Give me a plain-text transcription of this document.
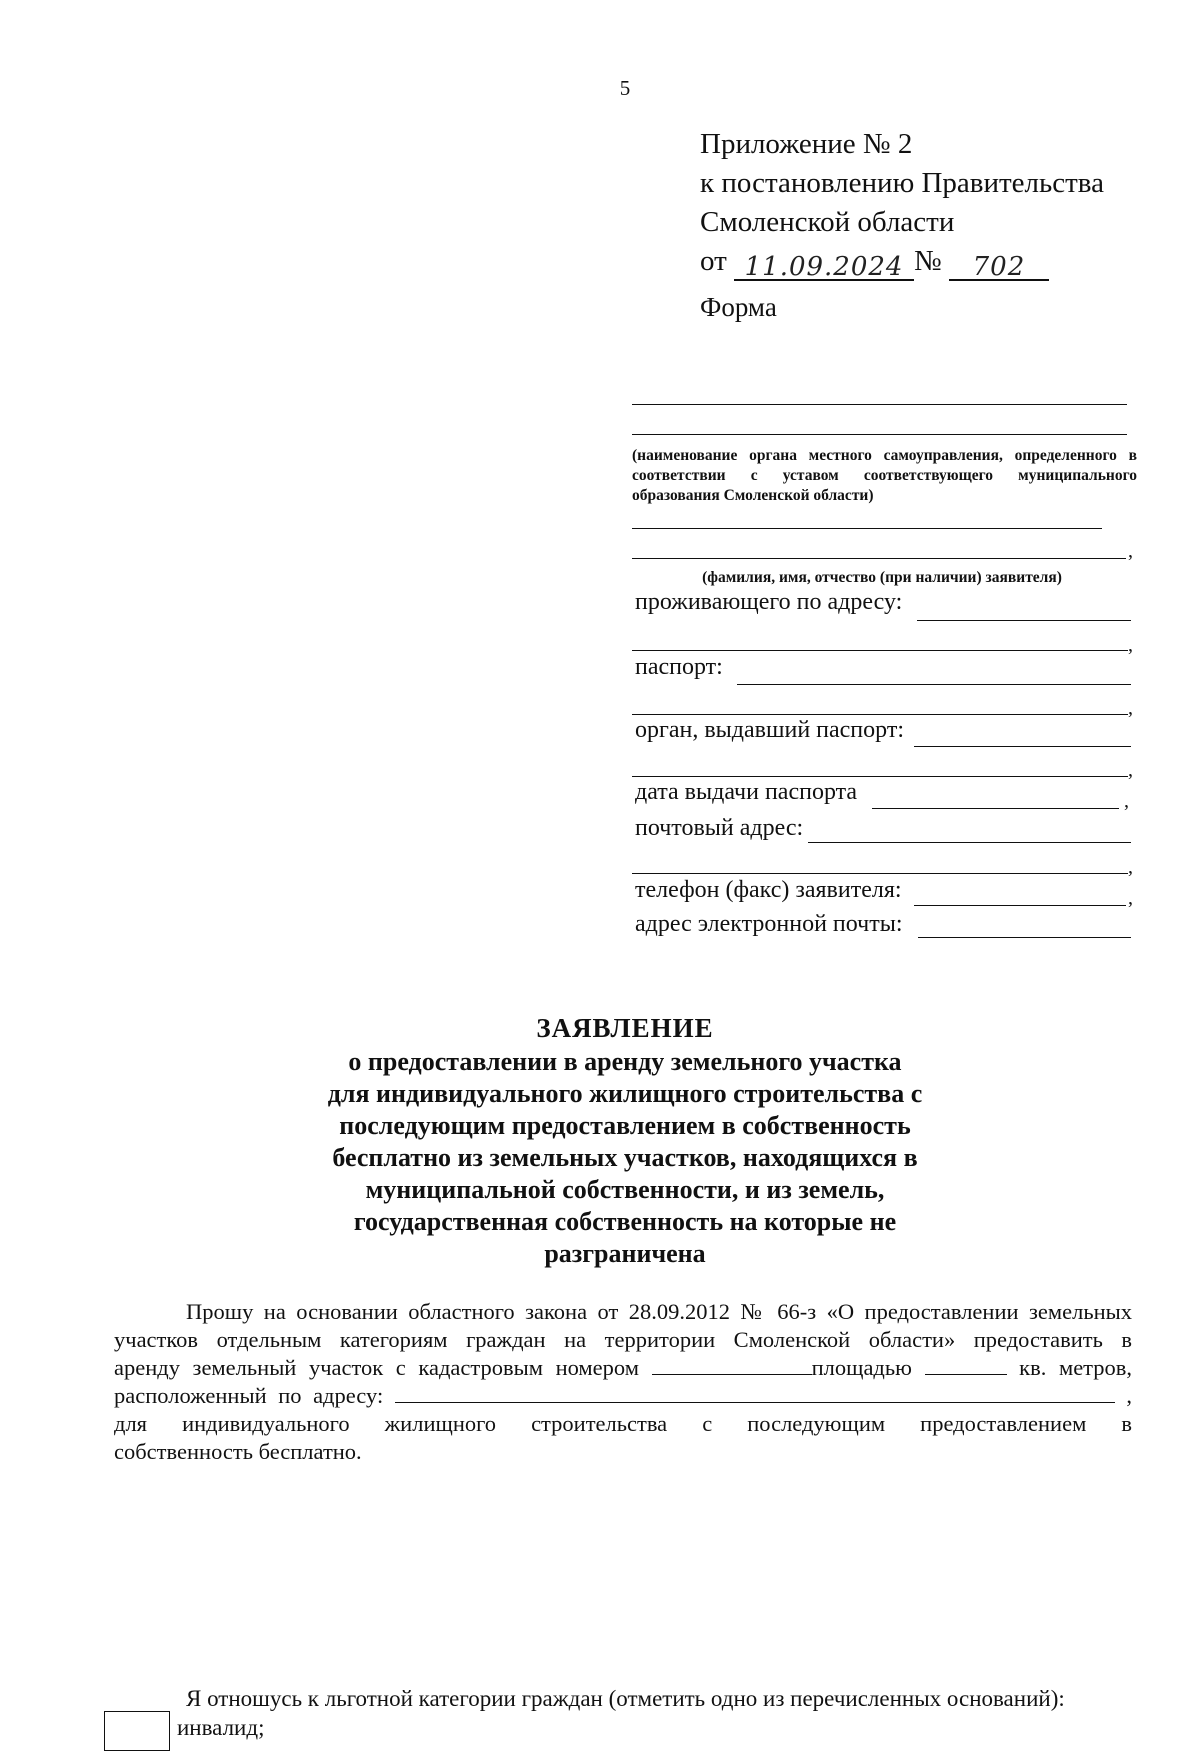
5
Приложение № 2
к постановлению Правительства
Смоленской области
от 11.09.2024 № 702
Форма
(наименование органа местного самоуправления, определенного в соответствии с уставом соответствующего муниципального образования Смоленской области)
,
(фамилия, имя, отчество (при наличии) заявителя)
проживающего по адресу:
,
паспорт:
,
орган, выдавший паспорт:
,
дата выдачи паспорта	,
почтовый адрес:
,
телефон (факс) заявителя:	,
адрес электронной почты:
ЗАЯВЛЕНИЕ
о предоставлении в аренду земельного участка
для индивидуального жилищного строительства с
последующим предоставлением в собственность
бесплатно из земельных участков, находящихся в
муниципальной собственности, и из земель,
государственная собственность на которые не
разграничена

Прошу на основании областного закона от 28.09.2012 № 66-з «О предоставлении земельных

участков отдельным категориям граждан на территории Смоленской области» предоставить в

аренду земельный участок с кадастровым номером	площадью	кв. метров,

расположенный по адресу:	,

для индивидуального жилищного строительства с последующим предоставлением в

собственность бесплатно.

Я отношусь к льготной категории граждан (отметить одно из перечисленных оснований):
инвалид;
